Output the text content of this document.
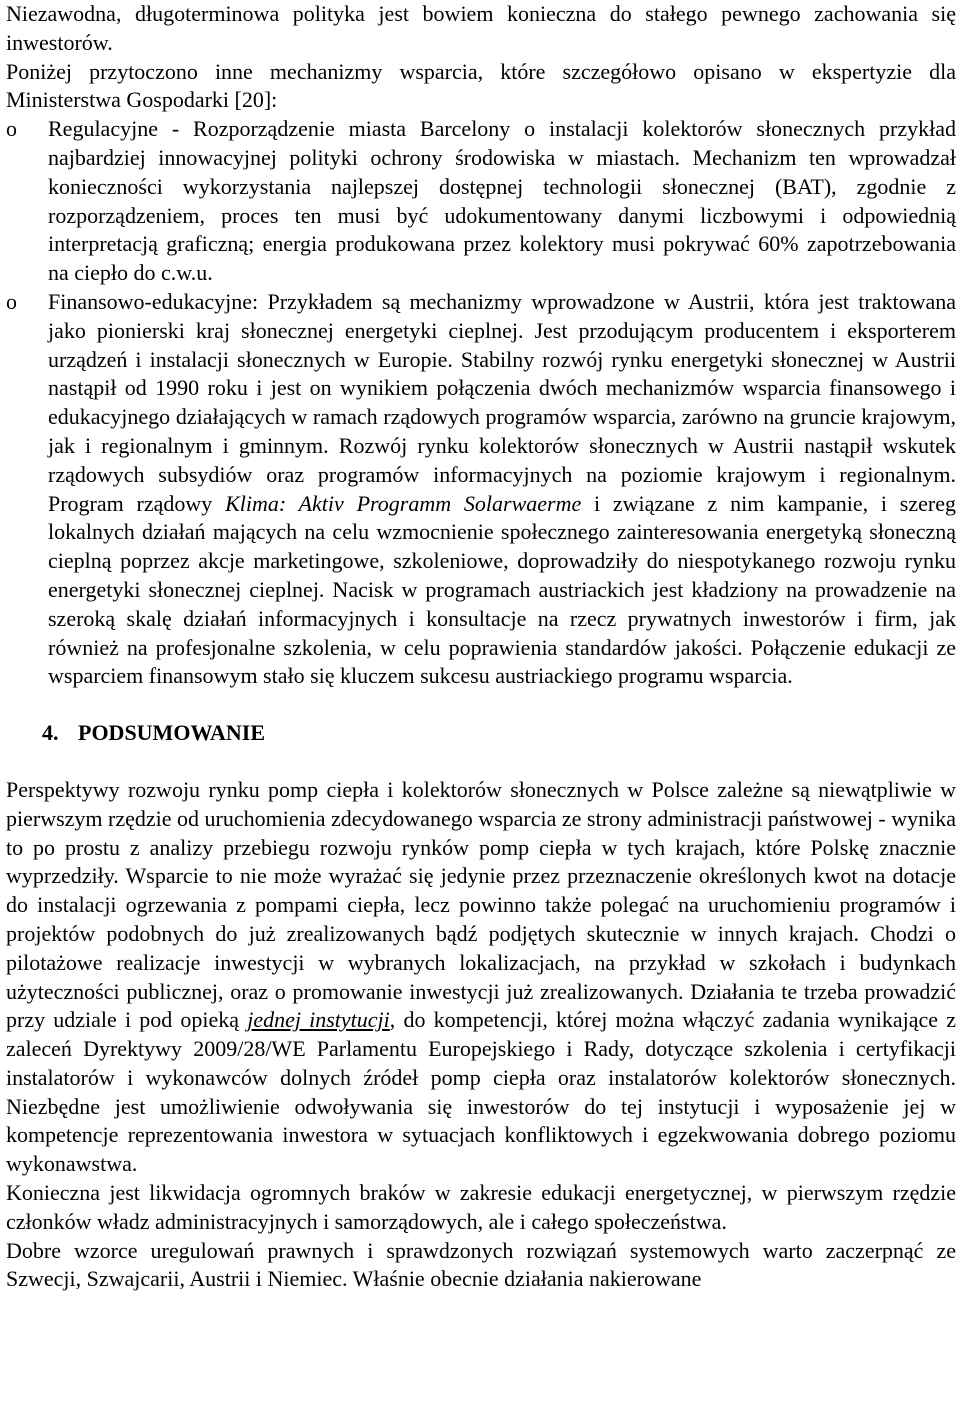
Niezawodna, długoterminowa polityka jest bowiem konieczna do stałego pewnego zachowania się inwestorów.

Poniżej przytoczono inne mechanizmy wsparcia, które szczegółowo opisano w ekspertyzie dla Ministerstwa Gospodarki [20]:

o Regulacyjne - Rozporządzenie miasta Barcelony o instalacji kolektorów słonecznych przykład najbardziej innowacyjnej polityki ochrony środowiska w miastach. Mechanizm ten wprowadzał konieczności wykorzystania najlepszej dostępnej technologii słonecznej (BAT), zgodnie z rozporządzeniem, proces ten musi być udokumentowany danymi liczbowymi i odpowiednią interpretacją graficzną; energia produkowana przez kolektory musi pokrywać 60% zapotrzebowania na ciepło do c.w.u.
o Finansowo-edukacyjne: Przykładem są mechanizmy wprowadzone w Austrii, która jest traktowana jako pionierski kraj słonecznej energetyki cieplnej. Jest przodującym producentem i eksporterem urządzeń i instalacji słonecznych w Europie. Stabilny rozwój rynku energetyki słonecznej w Austrii nastąpił od 1990 roku i jest on wynikiem połączenia dwóch mechanizmów wsparcia finansowego i edukacyjnego działających w ramach rządowych programów wsparcia, zarówno na gruncie krajowym, jak i regionalnym i gminnym. Rozwój rynku kolektorów słonecznych w Austrii nastąpił wskutek rządowych subsydiów oraz programów informacyjnych na poziomie krajowym i regionalnym. Program rządowy Klima: Aktiv Programm Solarwaerme i związane z nim kampanie, i szereg lokalnych działań mających na celu wzmocnienie społecznego zainteresowania energetyką słoneczną cieplną poprzez akcje marketingowe, szkoleniowe, doprowadziły do niespotykanego rozwoju rynku energetyki słonecznej cieplnej. Nacisk w programach austriackich jest kładziony na prowadzenie na szeroką skalę działań informacyjnych i konsultacje na rzecz prywatnych inwestorów i firm, jak również na profesjonalne szkolenia, w celu poprawienia standardów jakości. Połączenie edukacji ze wsparciem finansowym stało się kluczem sukcesu austriackiego programu wsparcia.
4. PODSUMOWANIE

Perspektywy rozwoju rynku pomp ciepła i kolektorów słonecznych w Polsce zależne są niewątpliwie w pierwszym rzędzie od uruchomienia zdecydowanego wsparcia ze strony administracji państwowej - wynika to po prostu z analizy przebiegu rozwoju rynków pomp ciepła w tych krajach, które Polskę znacznie wyprzedziły. Wsparcie to nie może wyrażać się jedynie przez przeznaczenie określonych kwot na dotacje do instalacji ogrzewania z pompami ciepła, lecz powinno także polegać na uruchomieniu programów i projektów podobnych do już zrealizowanych bądź podjętych skutecznie w innych krajach. Chodzi o pilotażowe realizacje inwestycji w wybranych lokalizacjach, na przykład w szkołach i budynkach użyteczności publicznej, oraz o promowanie inwestycji już zrealizowanych. Działania te trzeba prowadzić przy udziale i pod opieką jednej instytucji, do kompetencji, której można włączyć zadania wynikające z zaleceń Dyrektywy 2009/28/WE Parlamentu Europejskiego i Rady, dotyczące szkolenia i certyfikacji instalatorów i wykonawców dolnych źródeł pomp ciepła oraz instalatorów kolektorów słonecznych. Niezbędne jest umożliwienie odwoływania się inwestorów do tej instytucji i wyposażenie jej w kompetencje reprezentowania inwestora w sytuacjach konfliktowych i egzekwowania dobrego poziomu wykonawstwa.

Konieczna jest likwidacja ogromnych braków w zakresie edukacji energetycznej, w pierwszym rzędzie członków władz administracyjnych i samorządowych, ale i całego społeczeństwa.

Dobre wzorce uregulowań prawnych i sprawdzonych rozwiązań systemowych warto zaczerpnąć ze Szwecji, Szwajcarii, Austrii i Niemiec. Właśnie obecnie działania nakierowane
